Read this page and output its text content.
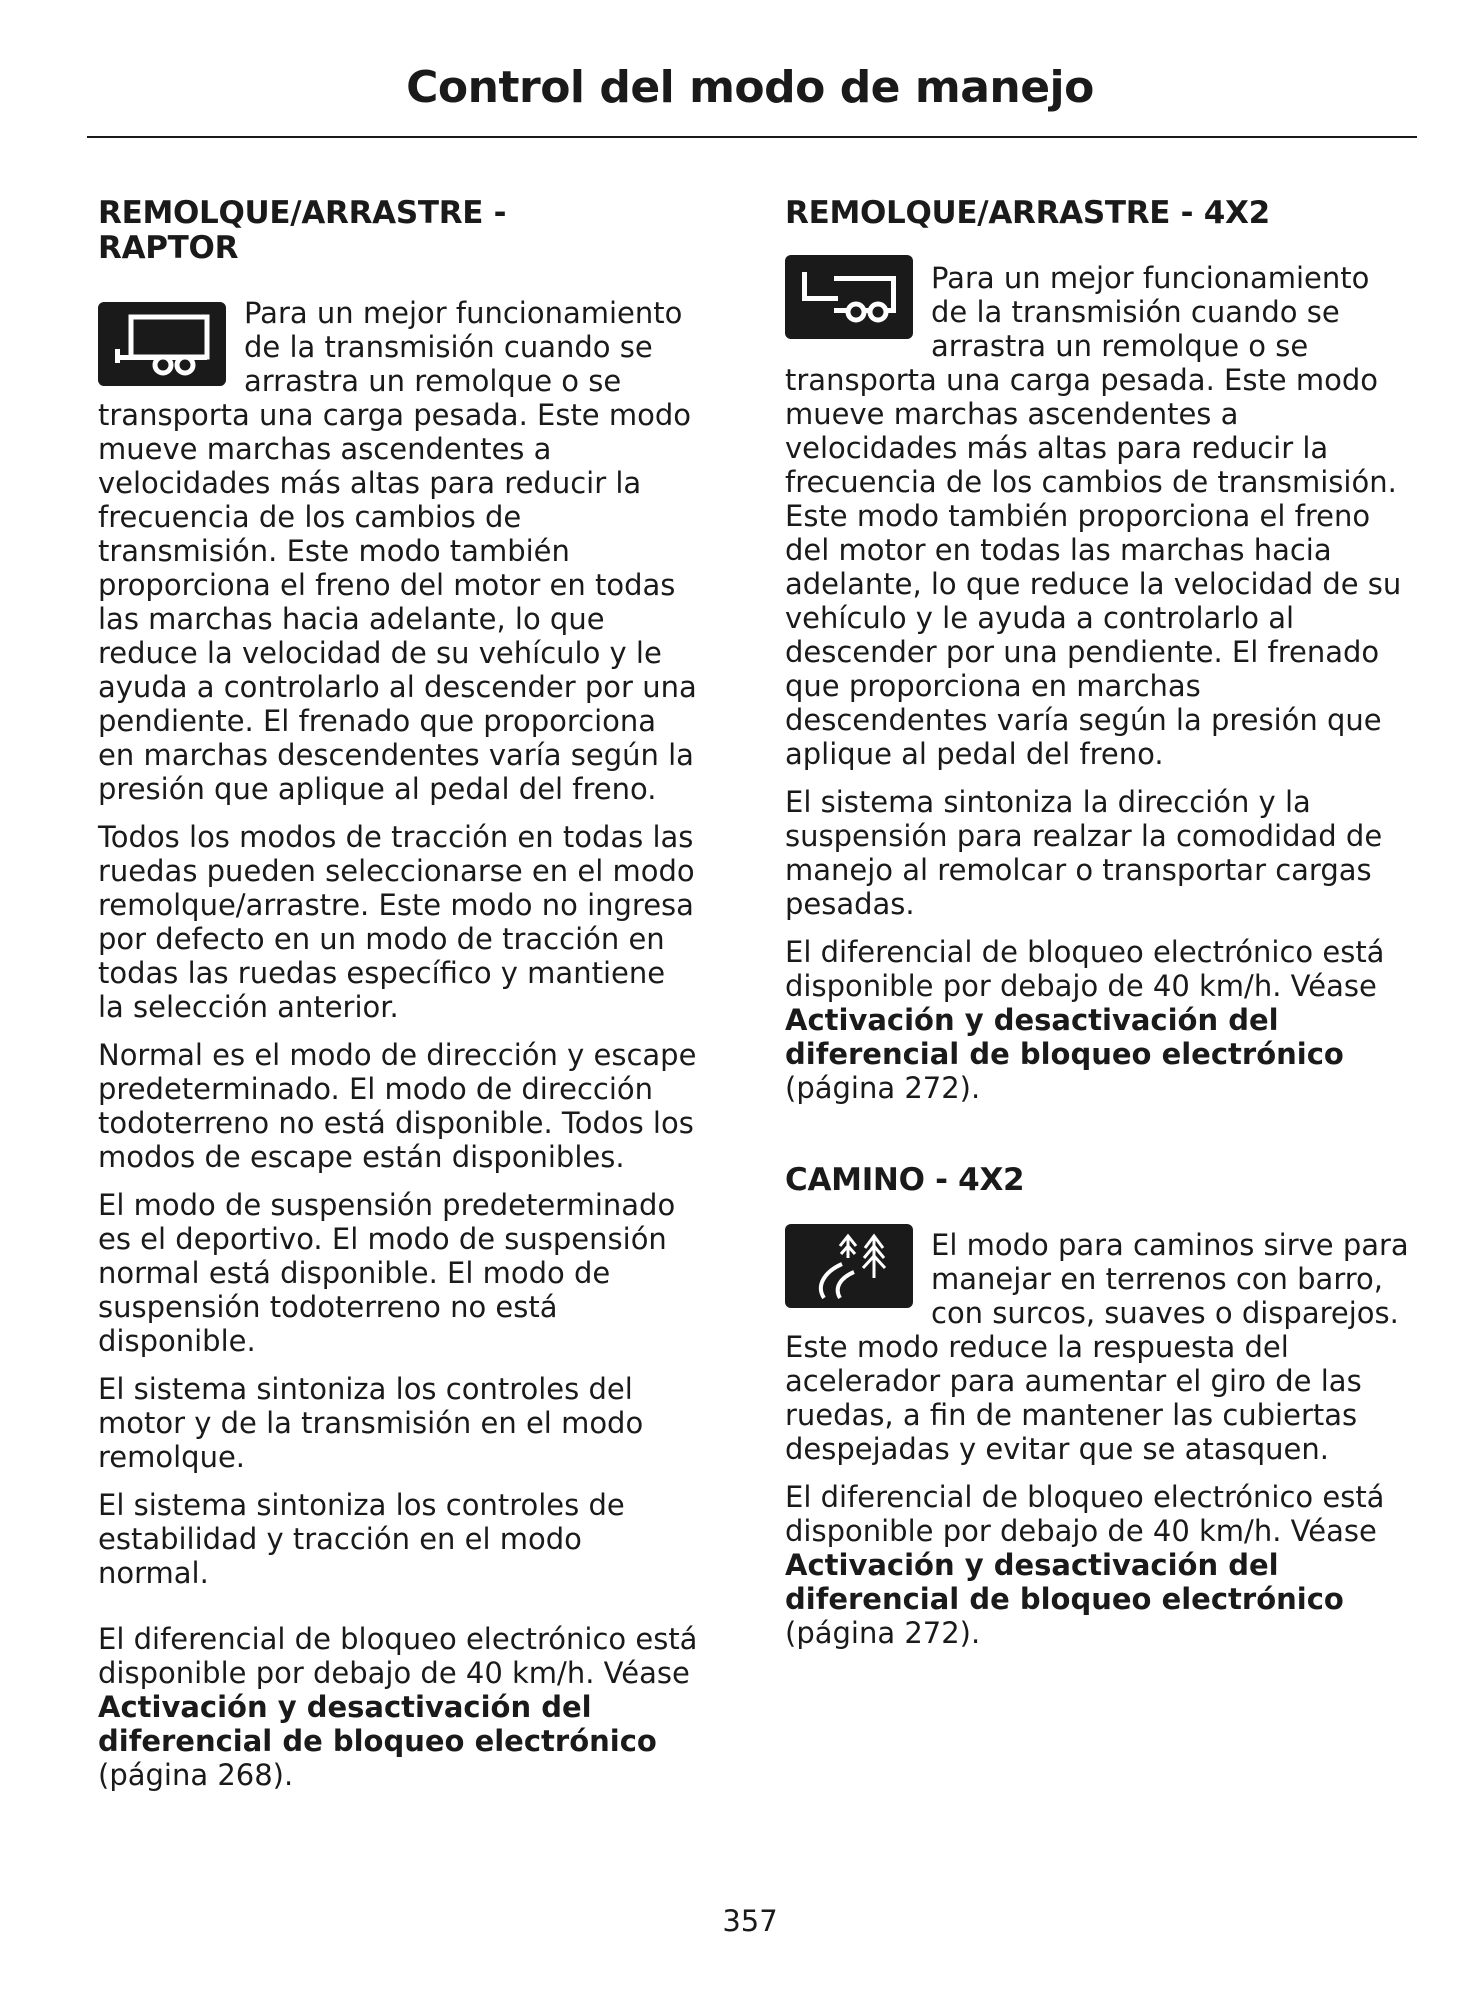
Control del modo de manejo
REMOLQUE/ARRASTRE -
RAPTOR

Para un mejor funcionamiento de la transmisión cuando se arrastra un remolque o se transporta una carga pesada. Este modo mueve marchas ascendentes a velocidades más altas para reducir la frecuencia de los cambios de transmisión. Este modo también proporciona el freno del motor en todas las marchas hacia adelante, lo que reduce la velocidad de su vehículo y le ayuda a controlarlo al descender por una pendiente. El frenado que proporciona en marchas descendentes varía según la presión que aplique al pedal del freno.

Todos los modos de tracción en todas las ruedas pueden seleccionarse en el modo remolque/arrastre. Este modo no ingresa por defecto en un modo de tracción en todas las ruedas específico y mantiene la selección anterior.

Normal es el modo de dirección y escape predeterminado. El modo de dirección todoterreno no está disponible. Todos los modos de escape están disponibles.

El modo de suspensión predeterminado es el deportivo. El modo de suspensión normal está disponible. El modo de suspensión todoterreno no está disponible.

El sistema sintoniza los controles del motor y de la transmisión en el modo remolque.

El sistema sintoniza los controles de estabilidad y tracción en el modo normal.

El diferencial de bloqueo electrónico está disponible por debajo de 40 km/h. Véase Activación y desactivación del diferencial de bloqueo electrónico (página 268).

REMOLQUE/ARRASTRE - 4X2

Para un mejor funcionamiento de la transmisión cuando se arrastra un remolque o se transporta una carga pesada. Este modo mueve marchas ascendentes a velocidades más altas para reducir la frecuencia de los cambios de transmisión. Este modo también proporciona el freno del motor en todas las marchas hacia adelante, lo que reduce la velocidad de su vehículo y le ayuda a controlarlo al descender por una pendiente. El frenado que proporciona en marchas descendentes varía según la presión que aplique al pedal del freno.

El sistema sintoniza la dirección y la suspensión para realzar la comodidad de manejo al remolcar o transportar cargas pesadas.

El diferencial de bloqueo electrónico está disponible por debajo de 40 km/h. Véase Activación y desactivación del diferencial de bloqueo electrónico (página 272).

CAMINO - 4X2

El modo para caminos sirve para manejar en terrenos con barro, con surcos, suaves o disparejos. Este modo reduce la respuesta del acelerador para aumentar el giro de las ruedas, a fin de mantener las cubiertas despejadas y evitar que se atasquen.

El diferencial de bloqueo electrónico está disponible por debajo de 40 km/h. Véase Activación y desactivación del diferencial de bloqueo electrónico (página 272).

357
